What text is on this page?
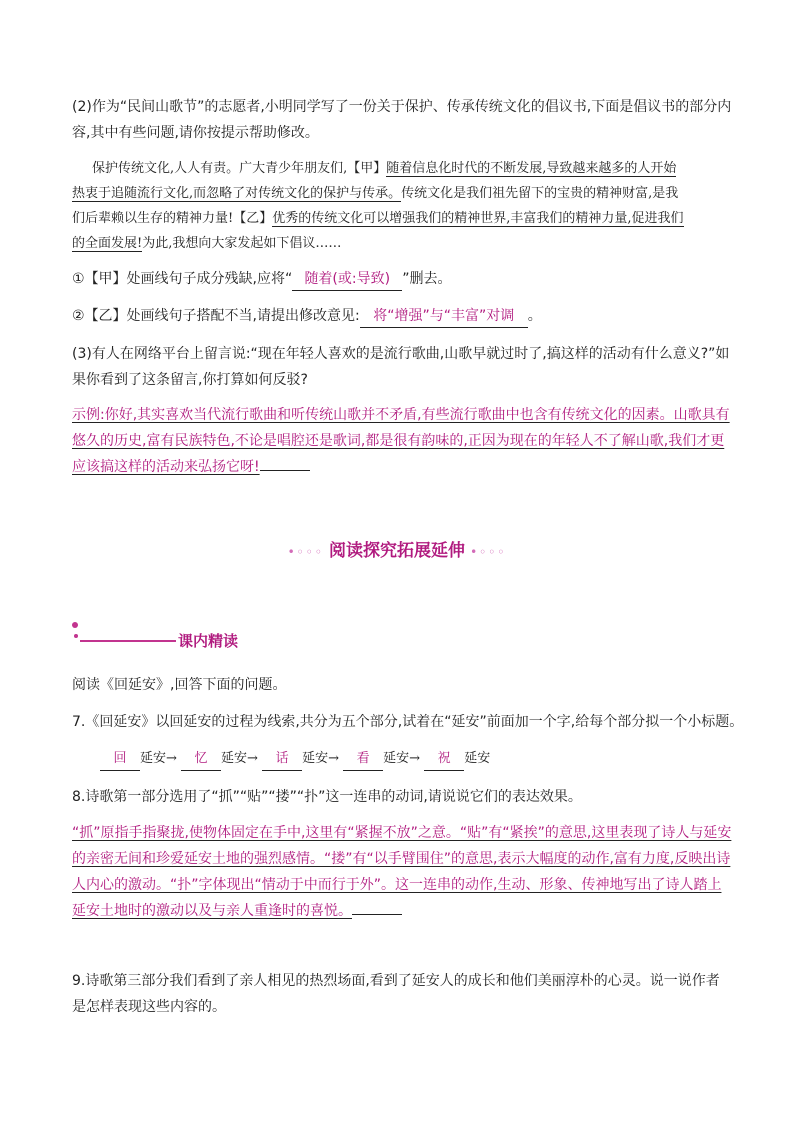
(2)作为“民间山歌节”的志愿者,小明同学写了一份关于保护、传承传统文化的倡议书,下面是倡议书的部分内
容,其中有些问题,请你按提示帮助修改。
保护传统文化,人人有责。广大青少年朋友们,【甲】随着信息化时代的不断发展,导致越来越多的人开始
热衷于追随流行文化,而忽略了对传统文化的保护与传承。传统文化是我们祖先留下的宝贵的精神财富,是我
们后辈赖以生存的精神力量!【乙】优秀的传统文化可以增强我们的精神世界,丰富我们的精神力量,促进我们
的全面发展!为此,我想向大家发起如下倡议……
①【甲】处画线句子成分残缺,应将“ 随着(或:导致) ”删去。
②【乙】处画线句子搭配不当,请提出修改意见: 将“增强”与“丰富”对调 。
(3)有人在网络平台上留言说:“现在年轻人喜欢的是流行歌曲,山歌早就过时了,搞这样的活动有什么意义?”如
果你看到了这条留言,你打算如何反驳?
示例:你好,其实喜欢当代流行歌曲和听传统山歌并不矛盾,有些流行歌曲中也含有传统文化的因素。山歌具有
悠久的历史,富有民族特色,不论是唱腔还是歌词,都是很有韵味的,正因为现在的年轻人不了解山歌,我们才更
应该搞这样的活动来弘扬它呀!
•◦◦◦ 阅读探究拓展延伸 •◦◦◦
课内精读
阅读《回延安》,回答下面的问题。
7.《回延安》以回延安的过程为线索,共分为五个部分,试着在“延安”前面加一个字,给每个部分拟一个小标题。
回 延安→ 忆 延安→ 话 延安→ 看 延安→ 祝 延安
8.诗歌第一部分选用了“抓”“贴”“搂”“扑”这一连串的动词,请说说它们的表达效果。
“抓”原指手指聚拢,使物体固定在手中,这里有“紧握不放”之意。“贴”有“紧挨”的意思,这里表现了诗人与延安
的亲密无间和珍爱延安土地的强烈感情。“搂”有“以手臂围住”的意思,表示大幅度的动作,富有力度,反映出诗
人内心的激动。“扑”字体现出“情动于中而行于外”。这一连串的动作,生动、形象、传神地写出了诗人踏上
延安土地时的激动以及与亲人重逢时的喜悦。
9.诗歌第三部分我们看到了亲人相见的热烈场面,看到了延安人的成长和他们美丽淳朴的心灵。说一说作者
是怎样表现这些内容的。
